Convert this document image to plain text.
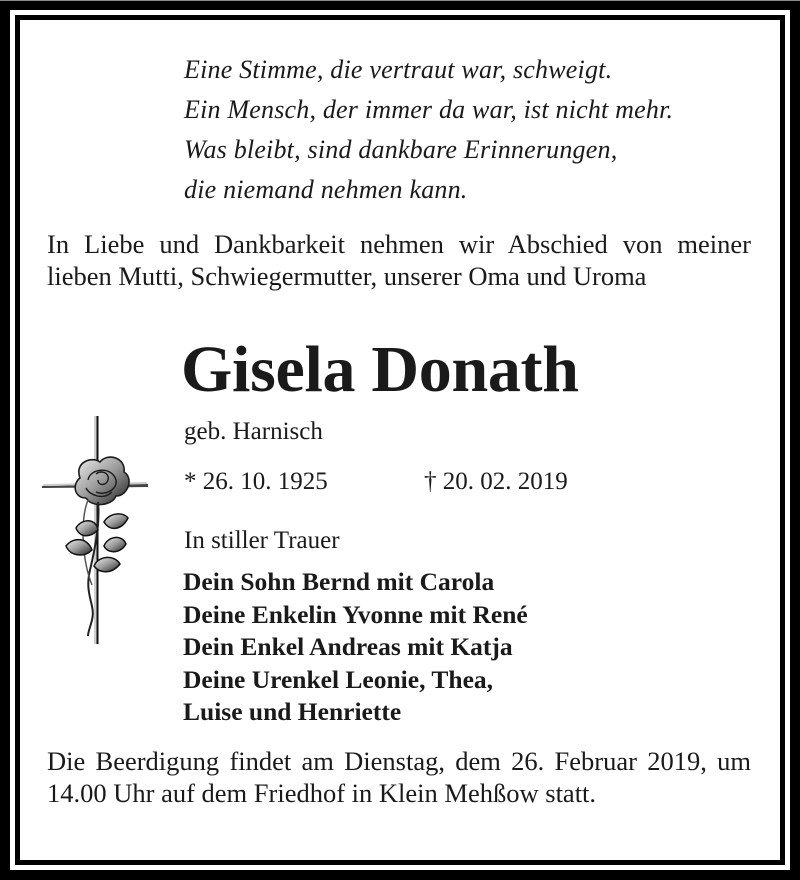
Eine Stimme, die vertraut war, schweigt.
Ein Mensch, der immer da war, ist nicht mehr.
Was bleibt, sind dankbare Erinnerungen,
die niemand nehmen kann.
In Liebe und Dankbarkeit nehmen wir Abschied von meiner lieben Mutti, Schwiegermutter, unserer Oma und Uroma
Gisela Donath
geb. Harnisch
* 26. 10. 1925	† 20. 02. 2019
In stiller Trauer
Dein Sohn Bernd mit Carola
Deine Enkelin Yvonne mit René
Dein Enkel Andreas mit Katja
Deine Urenkel Leonie, Thea,
Luise und Henriette
Die Beerdigung findet am Dienstag, dem 26. Februar 2019, um 14.00 Uhr auf dem Friedhof in Klein Mehßow statt.
